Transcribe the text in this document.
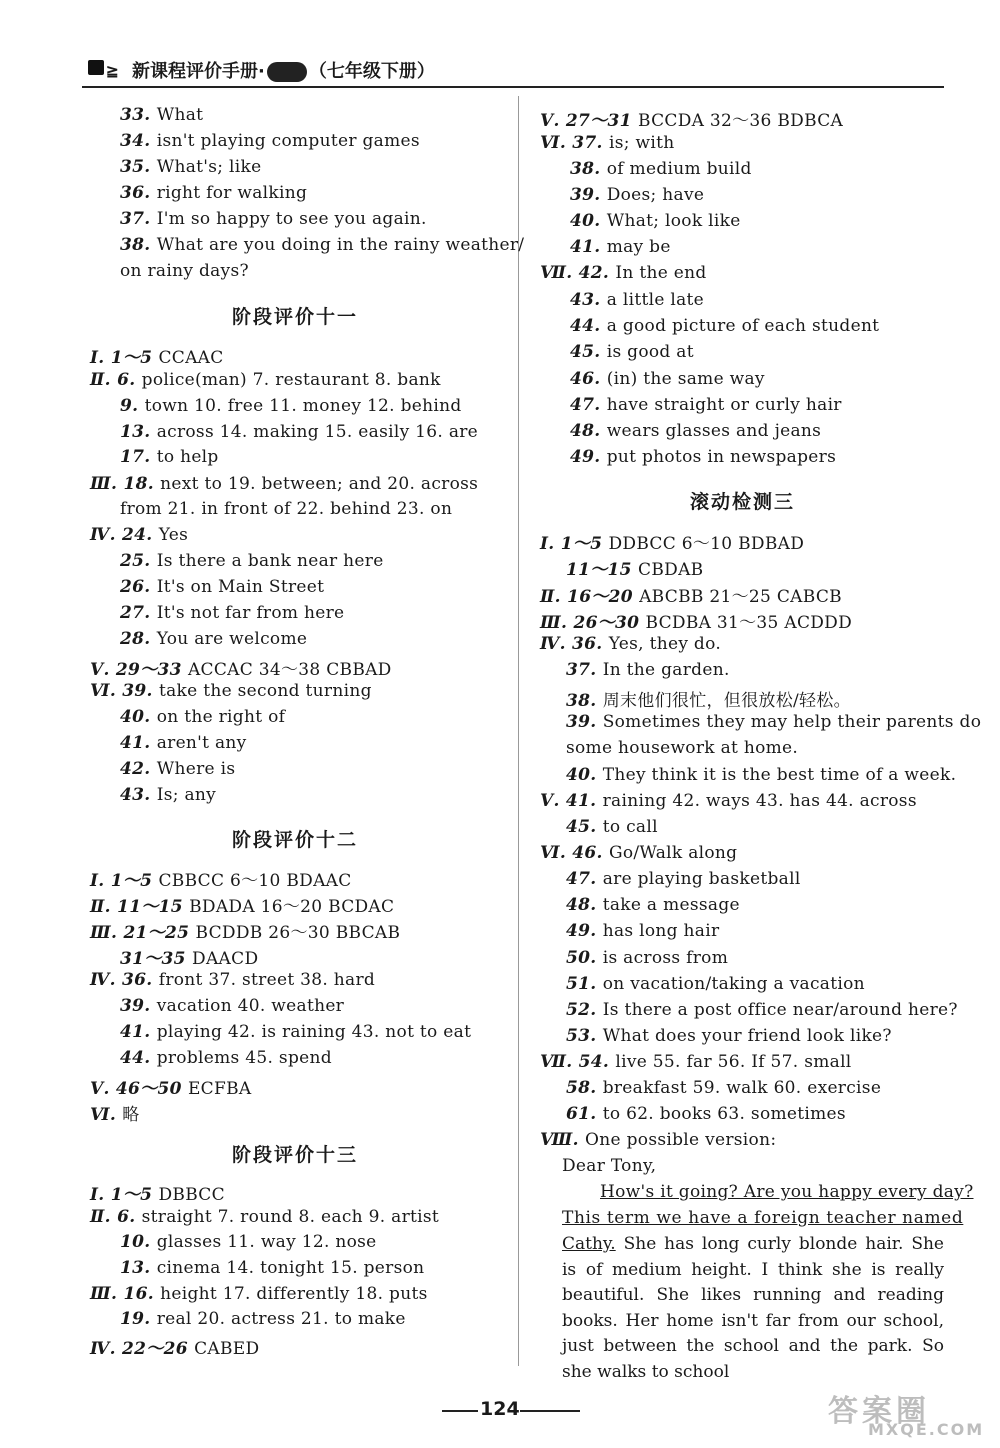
≧ 新课程评价手册· （七年级下册）
33. What
34. isn't playing computer games
35. What's; like
36. right for walking
37. I'm so happy to see you again.
38. What are you doing in the rainy weather/
on rainy days?
阶段评价十一
Ⅰ. 1～5 CCAAC
Ⅱ. 6. police(man) 7. restaurant 8. bank
9. town 10. free 11. money 12. behind
13. across 14. making 15. easily 16. are
17. to help
Ⅲ. 18. next to 19. between; and 20. across
from 21. in front of 22. behind 23. on
Ⅳ. 24. Yes
25. Is there a bank near here
26. It's on Main Street
27. It's not far from here
28. You are welcome
Ⅴ. 29～33 ACCAC 34～38 CBBAD
Ⅵ. 39. take the second turning
40. on the right of
41. aren't any
42. Where is
43. Is; any
阶段评价十二
Ⅰ. 1～5 CBBCC 6～10 BDAAC
Ⅱ. 11～15 BDADA 16～20 BCDAC
Ⅲ. 21～25 BCDDB 26～30 BBCAB
31～35 DAACD
Ⅳ. 36. front 37. street 38. hard
39. vacation 40. weather
41. playing 42. is raining 43. not to eat
44. problems 45. spend
Ⅴ. 46～50 ECFBA
Ⅵ. 略
阶段评价十三
Ⅰ. 1～5 DBBCC
Ⅱ. 6. straight 7. round 8. each 9. artist
10. glasses 11. way 12. nose
13. cinema 14. tonight 15. person
Ⅲ. 16. height 17. differently 18. puts
19. real 20. actress 21. to make
Ⅳ. 22～26 CABED
Ⅴ. 27～31 BCCDA 32～36 BDBCA
Ⅵ. 37. is; with
38. of medium build
39. Does; have
40. What; look like
41. may be
Ⅶ. 42. In the end
43. a little late
44. a good picture of each student
45. is good at
46. (in) the same way
47. have straight or curly hair
48. wears glasses and jeans
49. put photos in newspapers
滚动检测三
Ⅰ. 1～5 DDBCC 6～10 BDBAD
11～15 CBDAB
Ⅱ. 16～20 ABCBB 21～25 CABCB
Ⅲ. 26～30 BCDBA 31～35 ACDDD
Ⅳ. 36. Yes, they do.
37. In the garden.
38. 周末他们很忙，但很放松/轻松。
39. Sometimes they may help their parents do
some housework at home.
40. They think it is the best time of a week.
Ⅴ. 41. raining 42. ways 43. has 44. across
45. to call
Ⅵ. 46. Go/Walk along
47. are playing basketball
48. take a message
49. has long hair
50. is across from
51. on vacation/taking a vacation
52. Is there a post office near/around here?
53. What does your friend look like?
Ⅶ. 54. live 55. far 56. If 57. small
58. breakfast 59. walk 60. exercise
61. to 62. books 63. sometimes
Ⅷ. One possible version:
Dear Tony,
How's it going? Are you happy every day?
This term we have a foreign teacher named
Cathy. She has long curly blonde hair. She is of medium height. I think she is really beautiful. She likes running and reading books. Her home isn't far from our school, just between the school and the park. So she walks to school
124	答案圈
MXQE.COM
